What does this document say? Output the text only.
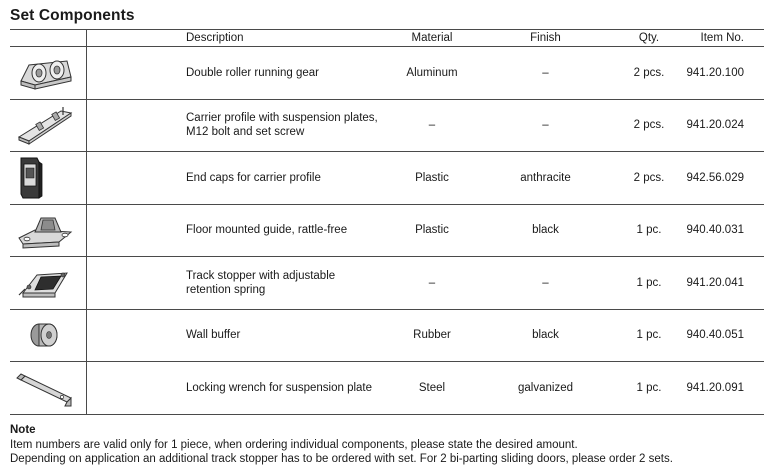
Set Components
	Description	Material	Finish	Qty.	Item No.

Double roller running gear	Aluminum	–	2 pcs.	941.20.100

Carrier profile with suspension plates,
M12 bolt and set screw	–	–	2 pcs.	941.20.024

End caps for carrier profile	Plastic	anthracite	2 pcs.	942.56.029

Floor mounted guide, rattle-free	Plastic	black	1 pc.	940.40.031

Track stopper with adjustable
retention spring	–	–	1 pc.	941.20.041

Wall buffer	Rubber	black	1 pc.	940.40.051

Locking wrench for suspension plate	Steel	galvanized	1 pc.	941.20.091
Note
Item numbers are valid only for 1 piece, when ordering individual components, please state the desired amount.
Depending on application an additional track stopper has to be ordered with set. For 2 bi-parting sliding doors, please order 2 sets.
